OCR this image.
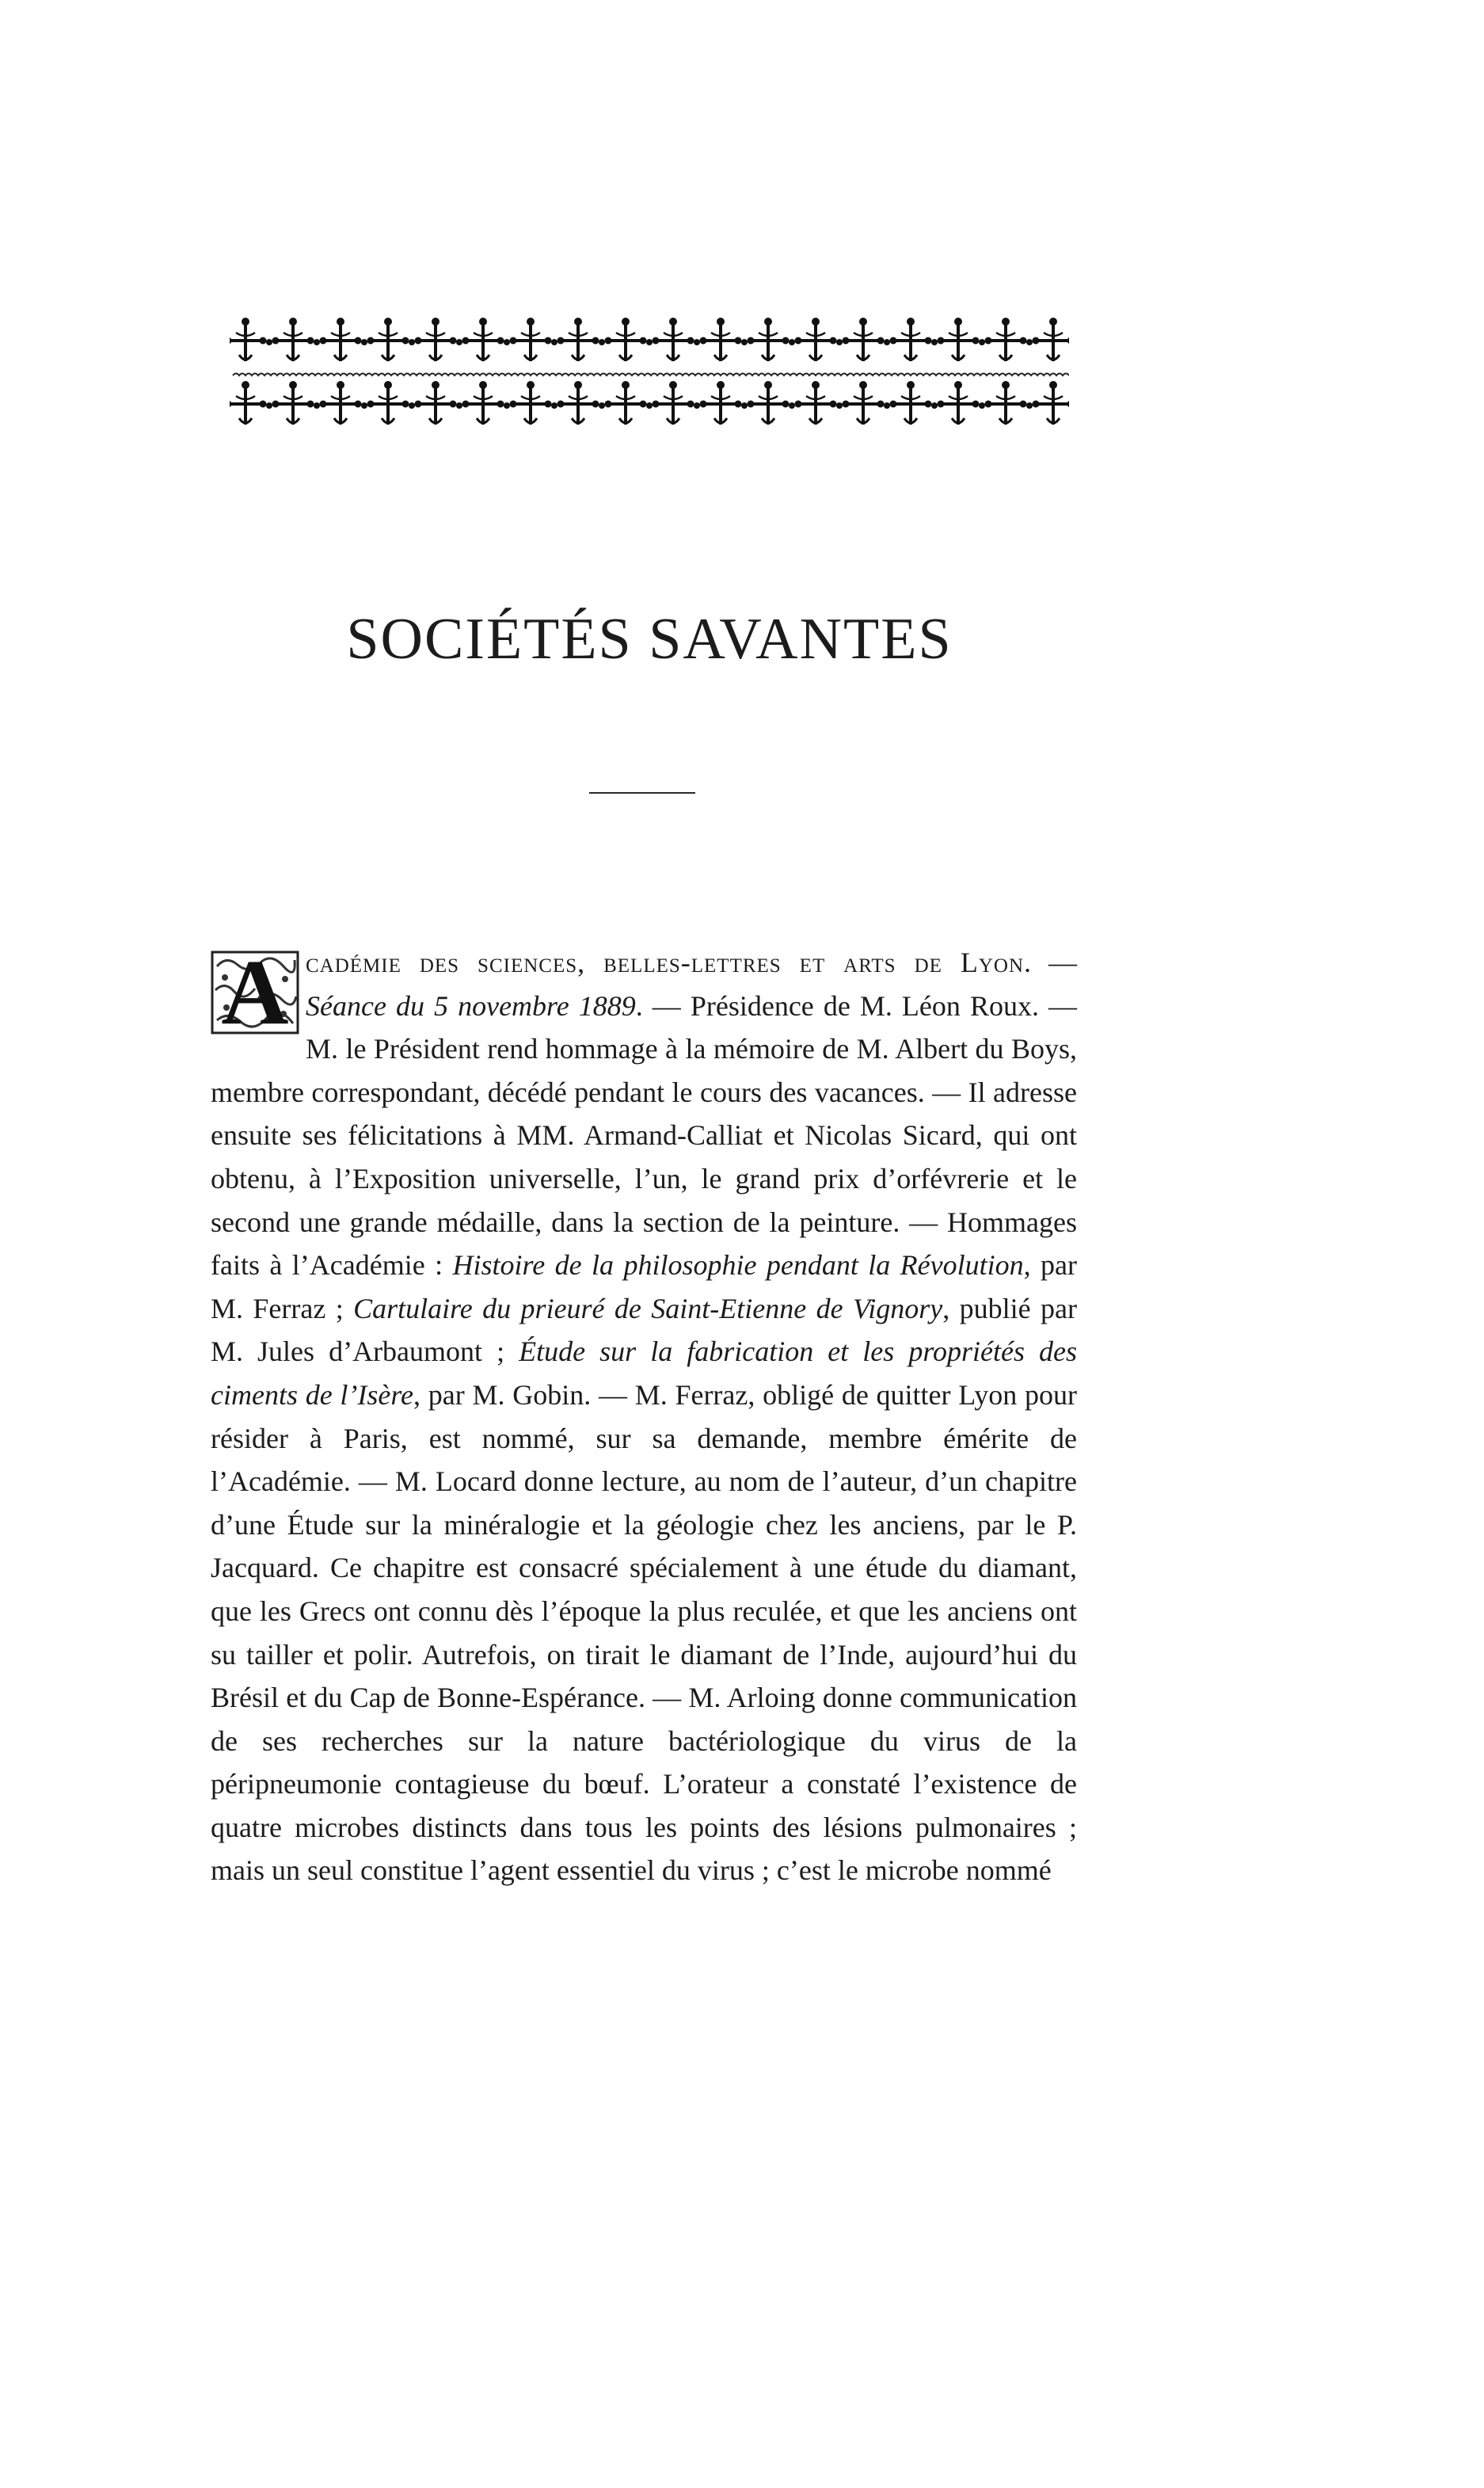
SOCIÉTÉS SAVANTES
A cadémie des sciences, belles-lettres et arts de Lyon. — Séance du 5 novembre 1889. — Présidence de M. Léon Roux. — M. le Président rend hommage à la mémoire de M. Albert du Boys, membre correspondant, décédé pendant le cours des vacances. — Il adresse ensuite ses félicitations à MM. Armand-Calliat et Nicolas Sicard, qui ont obtenu, à l’Exposition universelle, l’un, le grand prix d’orfévrerie et le second une grande médaille, dans la section de la peinture. — Hommages faits à l’Académie : Histoire de la philosophie pendant la Révolution, par M. Ferraz ; Cartulaire du prieuré de Saint-Etienne de Vignory, publié par M. Jules d’Arbaumont ; Étude sur la fabrication et les propriétés des ciments de l’Isère, par M. Gobin. — M. Ferraz, obligé de quitter Lyon pour résider à Paris, est nommé, sur sa demande, membre émérite de l’Académie. — M. Locard donne lecture, au nom de l’auteur, d’un chapitre d’une Étude sur la minéralogie et la géologie chez les anciens, par le P. Jacquard. Ce chapitre est consacré spécialement à une étude du diamant, que les Grecs ont connu dès l’époque la plus reculée, et que les anciens ont su tailler et polir. Autrefois, on tirait le diamant de l’Inde, aujourd’hui du Brésil et du Cap de Bonne-Espérance. — M. Arloing donne communication de ses recherches sur la nature bactériologique du virus de la péripneumonie contagieuse du bœuf. L’orateur a constaté l’existence de quatre microbes distincts dans tous les points des lésions pulmonaires ; mais un seul constitue l’agent essentiel du virus ; c’est le microbe nommé
